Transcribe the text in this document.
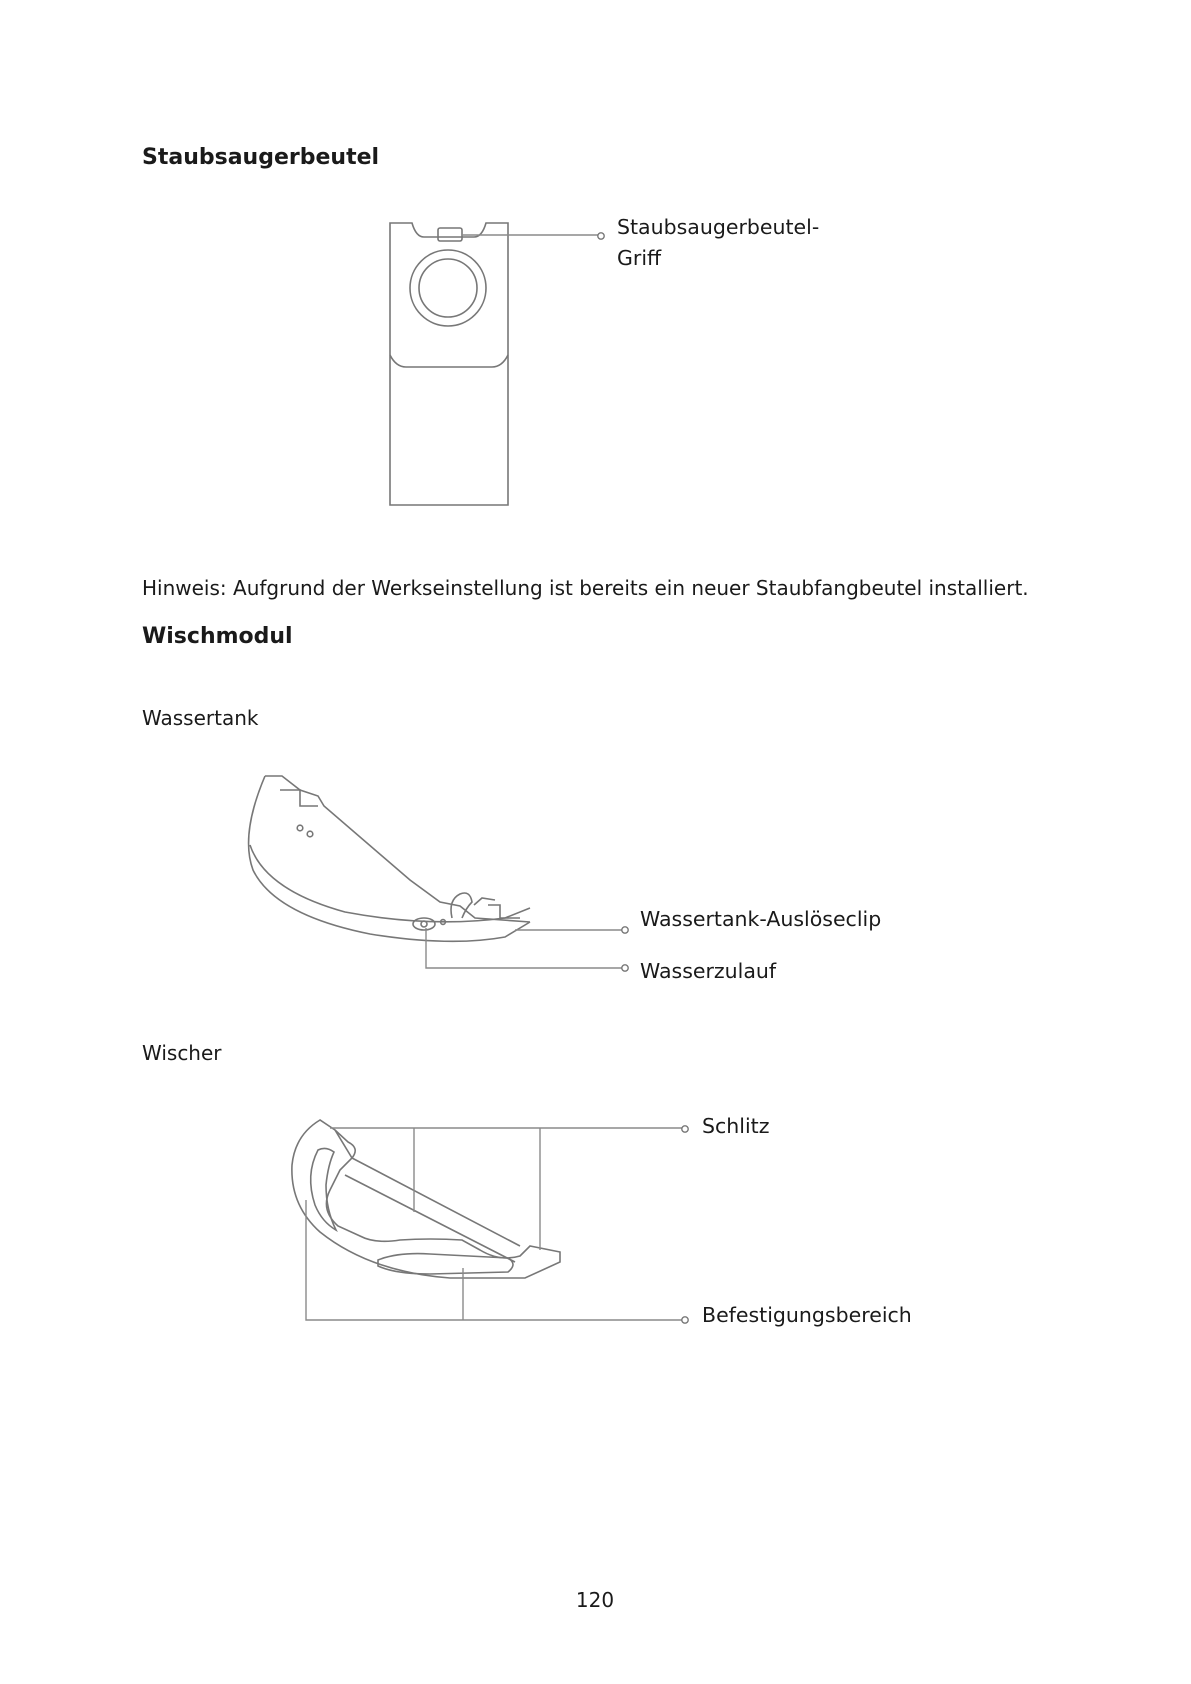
Staubsaugerbeutel
Staubsaugerbeutel-
Griff
Hinweis: Aufgrund der Werkseinstellung ist bereits ein neuer Staubfangbeutel installiert.
Wischmodul
Wassertank
Wassertank-Auslöseclip
Wasserzulauf
Wischer
Schlitz
Befestigungsbereich
120
